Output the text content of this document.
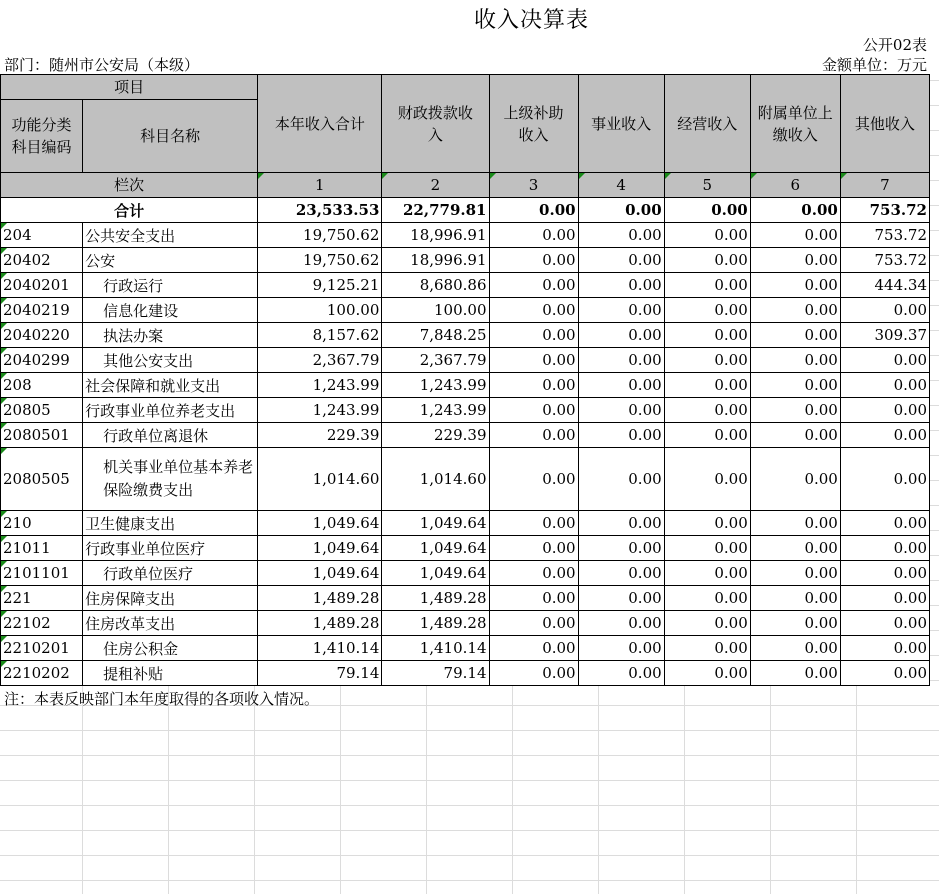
收入决算表
公开02表
部门：随州市公安局（本级）	金额单位：万元
项目		本年收入合计	财政拨款收入	上级补助收入	事业收入	经营收入	附属单位上缴收入	其他收入

功能分类科目编码	科目名称							

栏次		1	2	3	4	5	6	7
合计		23,533.53	22,779.81	0.00	0.00	0.00	0.00	753.72
204	公共安全支出	19,750.62	18,996.91	0.00	0.00	0.00	0.00	753.72
20402	公安	19,750.62	18,996.91	0.00	0.00	0.00	0.00	753.72
2040201	行政运行	9,125.21	8,680.86	0.00	0.00	0.00	0.00	444.34
2040219	信息化建设	100.00	100.00	0.00	0.00	0.00	0.00	0.00
2040220	执法办案	8,157.62	7,848.25	0.00	0.00	0.00	0.00	309.37
2040299	其他公安支出	2,367.79	2,367.79	0.00	0.00	0.00	0.00	0.00
208	社会保障和就业支出	1,243.99	1,243.99	0.00	0.00	0.00	0.00	0.00
20805	行政事业单位养老支出	1,243.99	1,243.99	0.00	0.00	0.00	0.00	0.00
2080501	行政单位离退休	229.39	229.39	0.00	0.00	0.00	0.00	0.00
2080505	机关事业单位基本养老保险缴费支出	1,014.60	1,014.60	0.00	0.00	0.00	0.00	0.00
210	卫生健康支出	1,049.64	1,049.64	0.00	0.00	0.00	0.00	0.00
21011	行政事业单位医疗	1,049.64	1,049.64	0.00	0.00	0.00	0.00	0.00
2101101	行政单位医疗	1,049.64	1,049.64	0.00	0.00	0.00	0.00	0.00
221	住房保障支出	1,489.28	1,489.28	0.00	0.00	0.00	0.00	0.00
22102	住房改革支出	1,489.28	1,489.28	0.00	0.00	0.00	0.00	0.00
2210201	住房公积金	1,410.14	1,410.14	0.00	0.00	0.00	0.00	0.00
2210202	提租补贴	79.14	79.14	0.00	0.00	0.00	0.00	0.00
注：本表反映部门本年度取得的各项收入情况。
